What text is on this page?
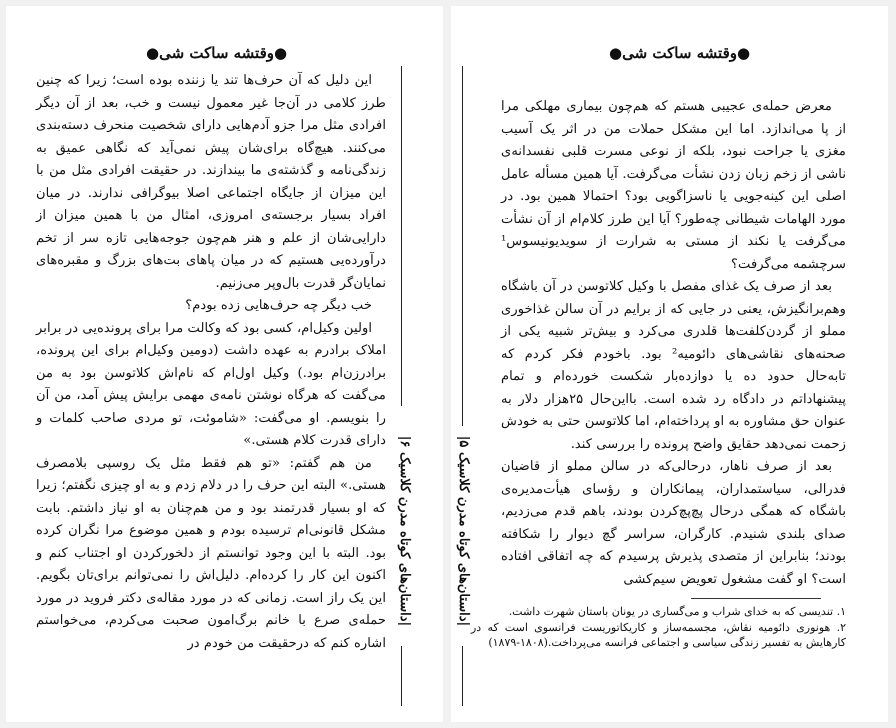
●وقتشه ساکت شی●
|داستان‌های کوتاه مدرن کلاسیک ‎|۶

این دلیل که آن حرف‌ها تند یا زننده بوده است؛ زیرا که چنین طرز کلامی در آن‌جا غیر معمول نیست و خب، بعد از آن دیگر افرادی مثل مرا جزو آدم‌هایی دارای شخصیت منحرف دسته‌بندی می‌کنند. هیچ‌گاه برای‌شان پیش نمی‌آید که نگاهی عمیق به زندگی‌نامه و گذشته‌ی ما بیندازند. در حقیقت افرادی مثل من با این میزان از جایگاه اجتماعی اصلا بیوگرافی ندارند. در میان افراد بسیار برجسته‌ی امروزی، امثال من با همین میزان از دارایی‌شان از علم و هنر هم‌چون جوجه‌هایی تازه سر از تخم درآورده‌یی هستیم که در میان پاهای بت‌های بزرگ و مقبره‌های نمایان‌گر قدرت بال‌وپر می‌زنیم.

خب دیگر چه حرف‌هایی زده بودم؟

اولین وکیل‌ام، کسی بود که وکالت مرا برای پرونده‌یی در برابر املاک برادرم به عهده داشت (دومین وکیل‌ام برای این پرونده، برادرزن‌ام بود.) وکیل اول‌ام که نام‌اش کلاتوسن بود به من می‌گفت که هرگاه نوشتن نامه‌ی مهمی برایش پیش آمد، من آن را بنویسم. او می‌گفت: «شاموئت، تو مردی صاحب کلمات و دارای قدرت کلام هستی.»

من هم گفتم: «تو هم فقط مثل یک روسپی بلامصرف هستی.» البته این حرف را در دلام زدم و به او چیزی نگفتم؛ زیرا که او بسیار قدرتمند بود و من هم‌چنان به او نیاز داشتم. بابت مشکل قانونی‌ام ترسیده بودم و همین موضوع مرا نگران کرده بود. البته با این وجود توانستم از دلخورکردن او اجتناب کنم و اکنون این کار را کرده‌ام. دلیل‌اش را نمی‌توانم برای‌تان بگویم. این یک راز است. زمانی که در مورد مقاله‌ی دکتر فروید در مورد حمله‌ی صرع با خانم برگ‌امون صحبت می‌کردم، می‌خواستم اشاره کنم که درحقیقت من خودم در

●وقتشه ساکت شی●
|داستان‌های کوتاه مدرن کلاسیک ‎|۵

معرض حمله‌ی عجیبی هستم که هم‌چون بیماری مهلکی مرا از پا می‌اندازد. اما این مشکل حملات من در اثر یک آسیب مغزی یا جراحت نبود، بلکه از نوعی مسرت قلبی نفسدانه‌ی ناشی از زخم زبان زدن نشأت می‌گرفت. آیا همین مسأله عامل اصلی این کینه‌جویی یا ناسزاگویی بود؟ احتمالا همین بود. در مورد الهامات شیطانی چه‌طور؟ آیا این طرز کلام‌ام از آن نشأت می‌گرفت یا نکند از مستی به شرارت از سویدیونیسوس¹ سرچشمه می‌گرفت؟

بعد از صرف یک غذای مفصل با وکیل کلاتوسن در آن باشگاه وهم‌برانگیزش، یعنی در جایی که از برایم در آن سالن غذاخوری مملو از گردن‌کلفت‌ها قلدری می‌کرد و بیش‌تر شبیه یکی از صحنه‌های نقاشی‌های دائومیه² بود. باخودم فکر کردم که تابه‌حال حدود ده یا دوازده‌بار شکست خورده‌ام و تمام پیشنهاداتم در دادگاه رد شده است. بااین‌حال ۲۵هزار دلار به عنوان حق مشاوره به او پرداخته‌ام، اما کلاتوسن حتی به خودش زحمت نمی‌دهد حقایق واضح پرونده را بررسی کند.

بعد از صرف ناهار، درحالی‌که در سالن مملو از قاضیان فدرالی، سیاستمداران، پیمانکاران و رؤسای هیأت‌مدیره‌ی باشگاه که همگی درحال پچ‌پچ‌کردن بودند، باهم قدم می‌زدیم، صدای بلندی شنیدم. کارگران، سراسر گچ دیوار را شکافته بودند؛ بنابراین از متصدی پذیرش پرسیدم که چه اتفاقی افتاده است؟ او گفت مشغول تعویض سیم‌کشی

۱. تندیسی که به خدای شراب و می‌گساری در یونان باستان شهرت داشت.
۲. هونوری دائومیه نقاش، مجسمه‌ساز و کاریکاتوریست فرانسوی است که در کارهایش به تفسیر زندگی سیاسی و اجتماعی فرانسه می‌پرداخت.(۱۸۰۸-۱۸۷۹)
